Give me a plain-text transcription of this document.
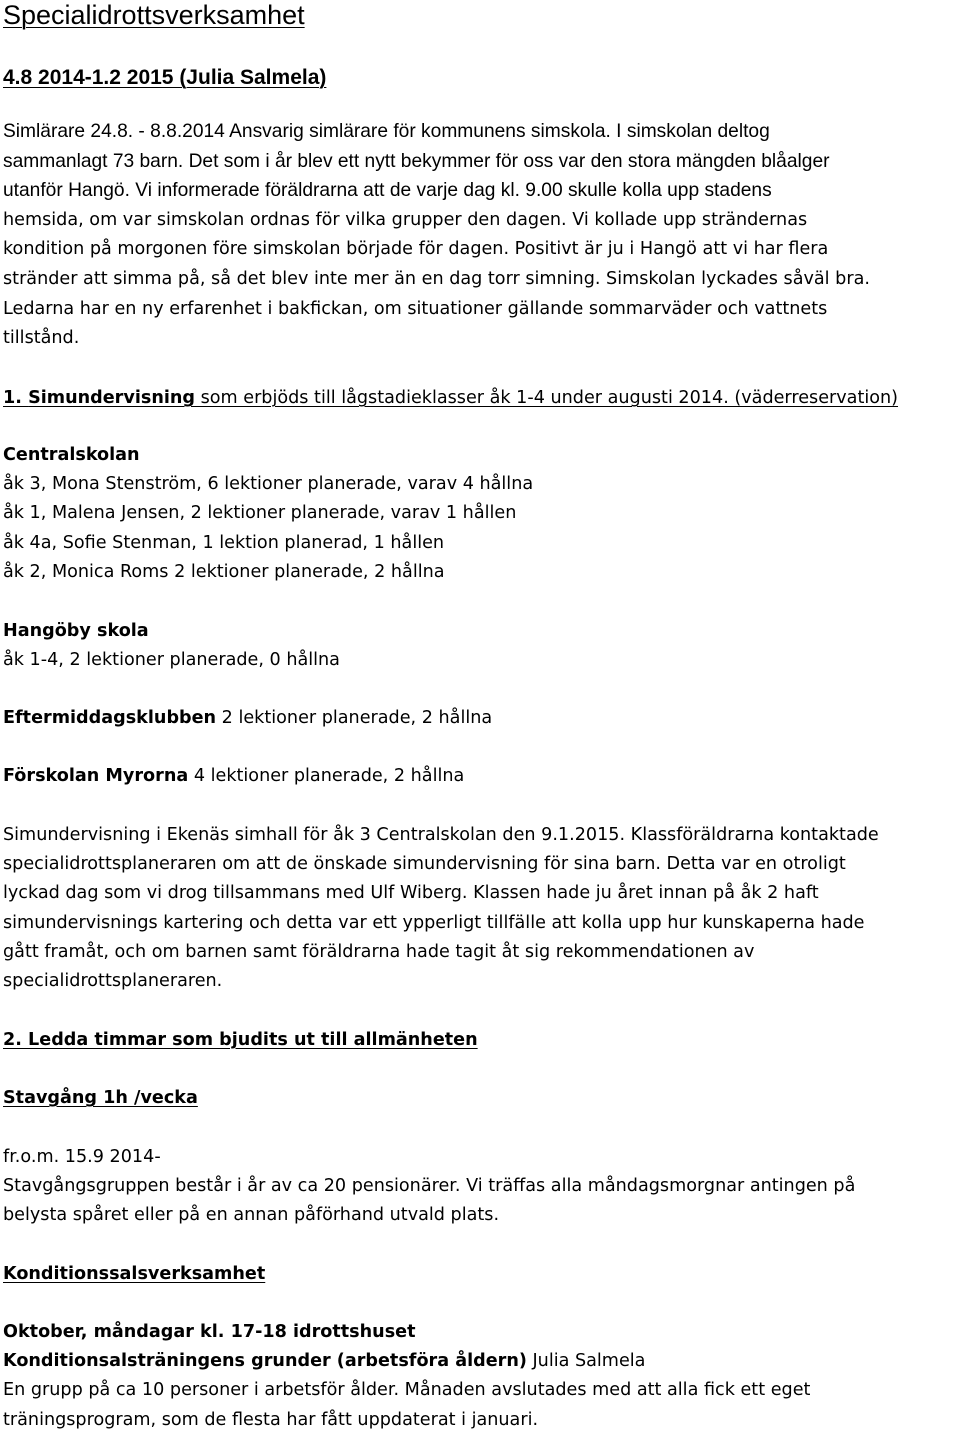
Specialidrottsverksamhet
4.8 2014-1.2 2015 (Julia Salmela)
Simlärare 24.8. - 8.8.2014 Ansvarig simlärare för kommunens simskola. I simskolan deltog
sammanlagt 73 barn. Det som i år blev ett nytt bekymmer för oss var den stora mängden blåalger
utanför Hangö. Vi informerade föräldrarna att de varje dag kl. 9.00 skulle kolla upp stadens
hemsida, om var simskolan ordnas för vilka grupper den dagen. Vi kollade upp strändernas
kondition på morgonen före simskolan började för dagen. Positivt är ju i Hangö att vi har flera
stränder att simma på, så det blev inte mer än en dag torr simning. Simskolan lyckades såväl bra.
Ledarna har en ny erfarenhet i bakfickan, om situationer gällande sommarväder och vattnets
tillstånd.
1. Simundervisning som erbjöds till lågstadieklasser åk 1-4 under augusti 2014. (väderreservation)
Centralskolan
åk 3, Mona Stenström, 6 lektioner planerade, varav 4 hållna
åk 1, Malena Jensen, 2 lektioner planerade, varav 1 hållen
åk 4a, Sofie Stenman, 1 lektion planerad, 1 hållen
åk 2, Monica Roms 2 lektioner planerade, 2 hållna
Hangöby skola
åk 1-4, 2 lektioner planerade, 0 hållna
Eftermiddagsklubben 2 lektioner planerade, 2 hållna
Förskolan Myrorna 4 lektioner planerade, 2 hållna
Simundervisning i Ekenäs simhall för åk 3 Centralskolan den 9.1.2015. Klassföräldrarna kontaktade
specialidrottsplaneraren om att de önskade simundervisning för sina barn. Detta var en otroligt
lyckad dag som vi drog tillsammans med Ulf Wiberg. Klassen hade ju året innan på åk 2 haft
simundervisnings kartering och detta var ett ypperligt tillfälle att kolla upp hur kunskaperna hade
gått framåt, och om barnen samt föräldrarna hade tagit åt sig rekommendationen av
specialidrottsplaneraren.
2. Ledda timmar som bjudits ut till allmänheten
Stavgång 1h /vecka
fr.o.m. 15.9 2014-
Stavgångsgruppen består i år av ca 20 pensionärer. Vi träffas alla måndagsmorgnar antingen på
belysta spåret eller på en annan påförhand utvald plats.
Konditionssalsverksamhet
Oktober, måndagar kl. 17-18 idrottshuset
Konditionsalsträningens grunder (arbetsföra åldern) Julia Salmela
En grupp på ca 10 personer i arbetsför ålder. Månaden avslutades med att alla fick ett eget
träningsprogram, som de flesta har fått uppdaterat i januari.
